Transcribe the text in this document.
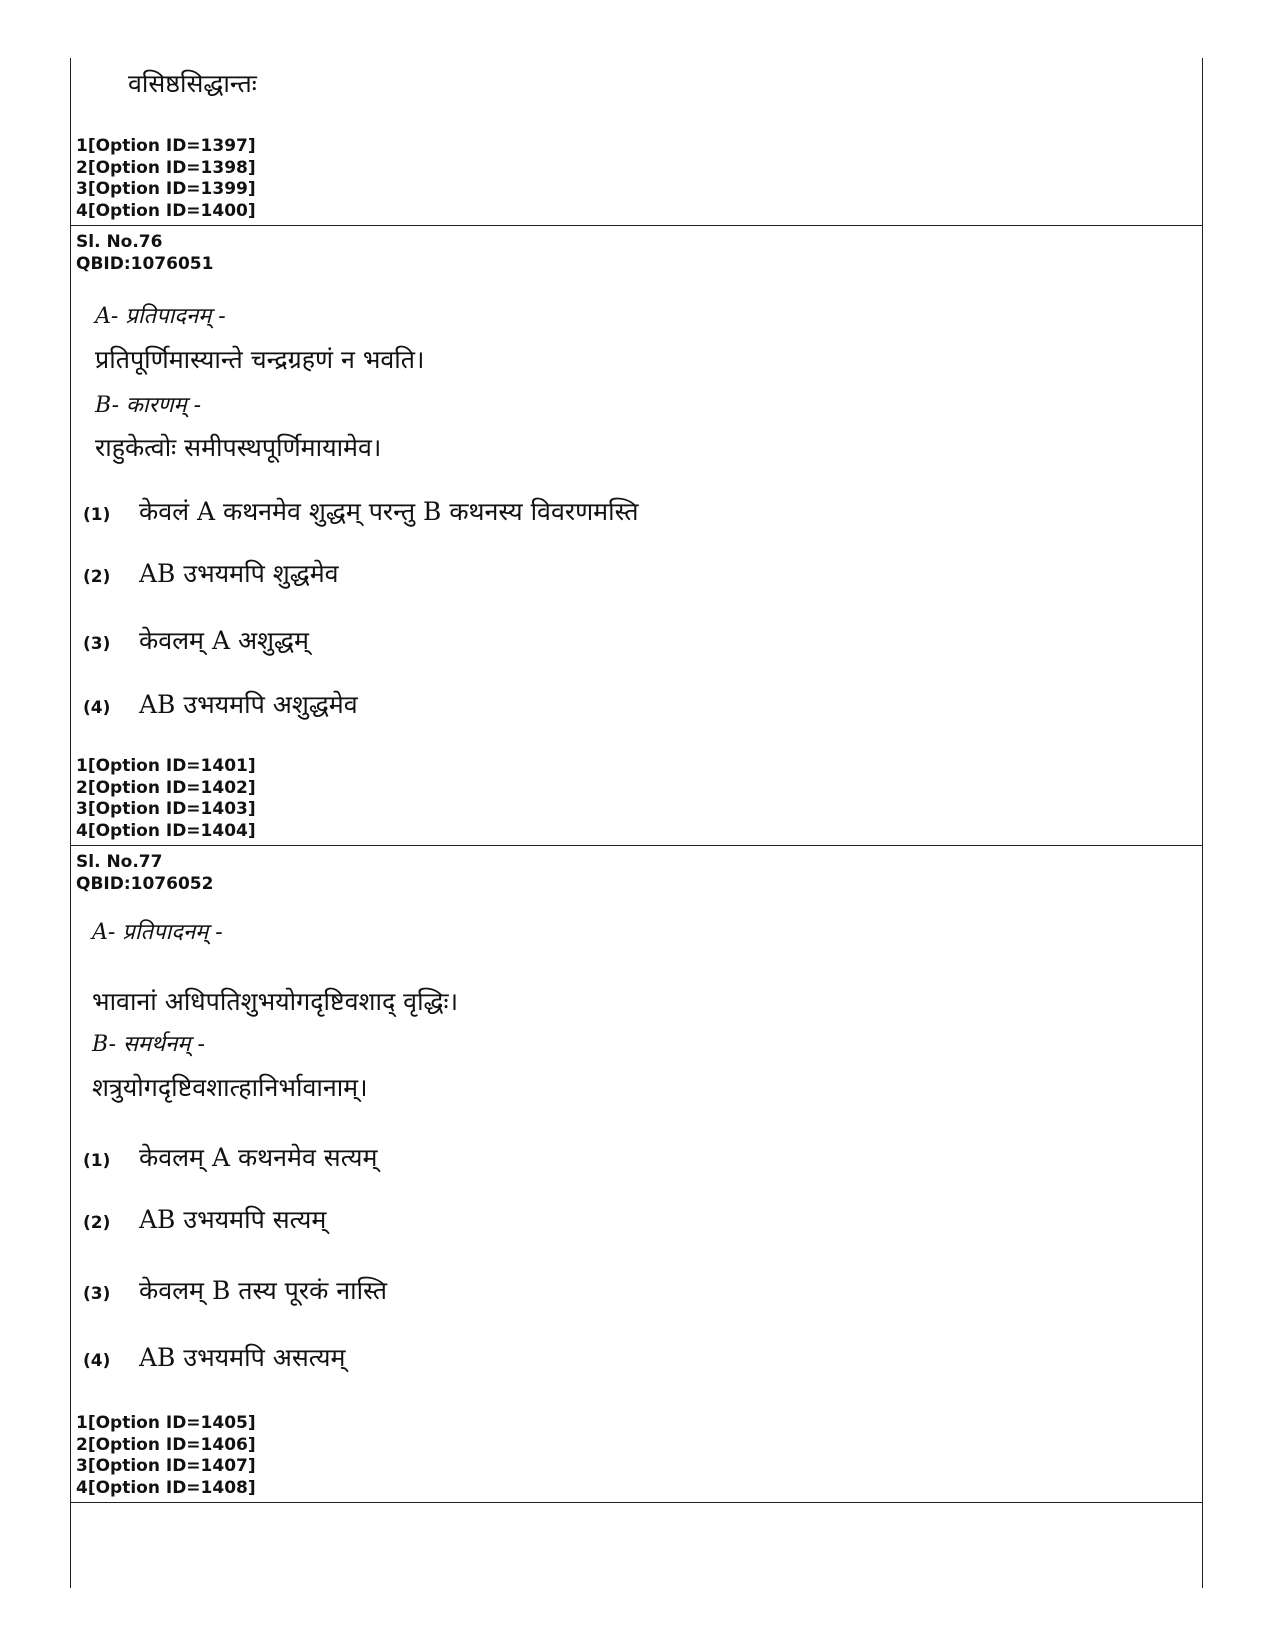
वसिष्ठसिद्धान्तः
1[Option ID=1397]
2[Option ID=1398]
3[Option ID=1399]
4[Option ID=1400]
Sl. No.76
QBID:1076051
A- प्रतिपादनम् -
प्रतिपूर्णिमास्यान्ते चन्द्रग्रहणं न भवति।
B- कारणम् -
राहुकेत्वोः समीपस्थपूर्णिमायामेव।
(1) केवलं A कथनमेव शुद्धम् परन्तु B कथनस्य विवरणमस्ति
(2) AB उभयमपि शुद्धमेव
(3) केवलम् A अशुद्धम्
(4) AB उभयमपि अशुद्धमेव
1[Option ID=1401]
2[Option ID=1402]
3[Option ID=1403]
4[Option ID=1404]
Sl. No.77
QBID:1076052
A- प्रतिपादनम् -
भावानां अधिपतिशुभयोगदृष्टिवशाद् वृद्धिः।
B- समर्थनम् -
शत्रुयोगदृष्टिवशात्हानिर्भावानाम्।
(1) केवलम् A कथनमेव सत्यम्
(2) AB उभयमपि सत्यम्
(3) केवलम् B तस्य पूरकं नास्ति
(4) AB उभयमपि असत्यम्
1[Option ID=1405]
2[Option ID=1406]
3[Option ID=1407]
4[Option ID=1408]
